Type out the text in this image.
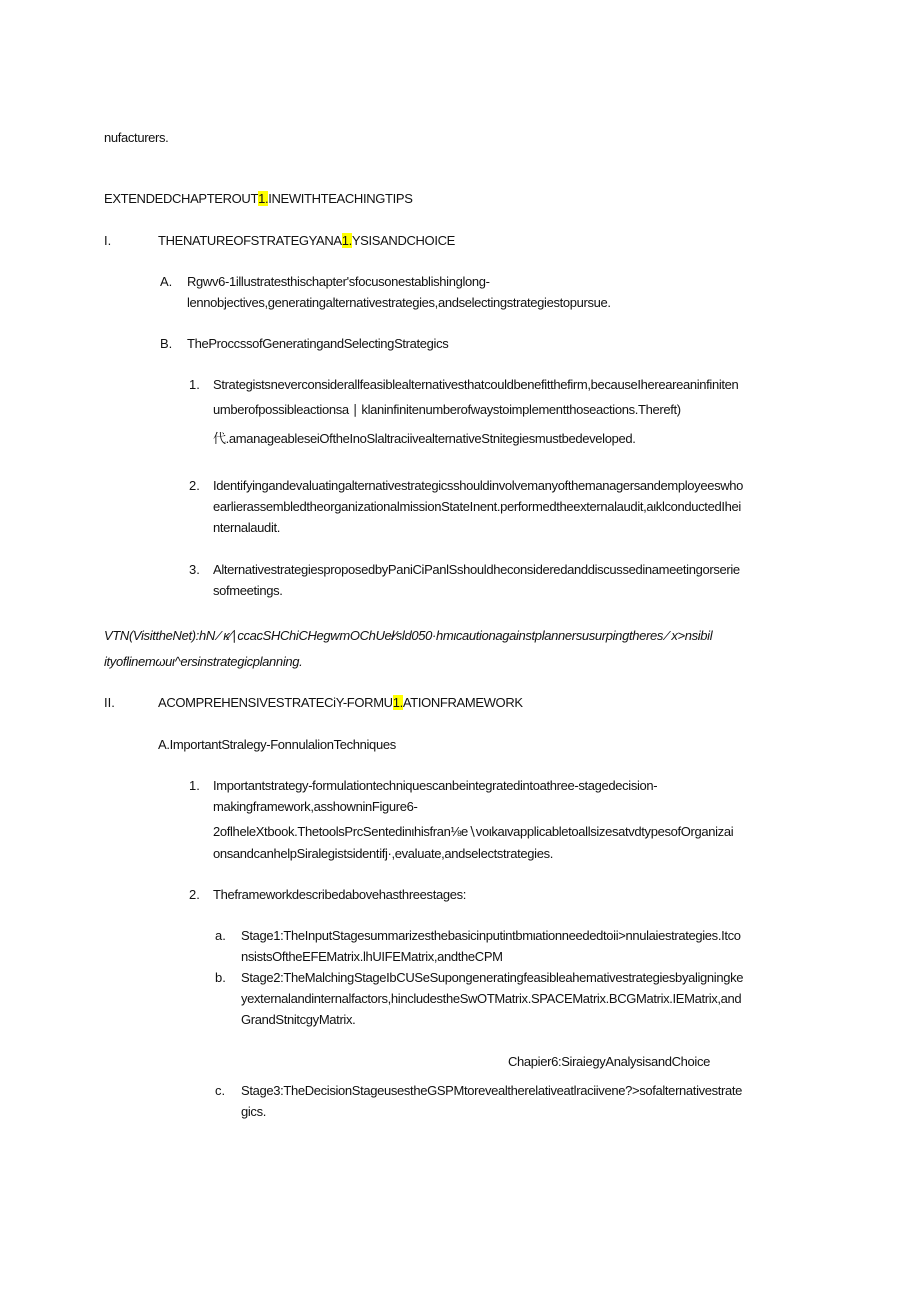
nufacturers.
EXTENDEDCHAPTEROUT1.INEWITHTEACHINGTIPS
I.	THENATUREOFSTRATEGYANA1.YSISANDCHOICE
A. Rgwv6-1illustratesthischapter'sfocusonestablishinglong-
lennobjectives,generatingalternativestrategies,andselectingstrategiestopursue.
B. TheProccssofGeneratingandSelectingStrategics
1. Strategistsneverconsiderallfeasiblealternativesthatcouldbenefitthefirm,becauseIhereareaninfiniten
umberofpossibleactionsa ∣ klaninfinitenumberofwaystoimplementthoseactions.Thereft)
代.amanageableseiOftheInoSlaltraciivealternativeStnitegiesmustbedeveloped.
2. Identifyingandevaluatingalternativestrategicsshouldinvolvemanyofthemanagersandemployeeswho
earlierassembledtheorganizationalmissionStateInent.performedtheexternalaudit,aιklconductedIhei
nternalaudit.
3. AlternativestrategiesproposedbyPaniCiPanlSshouldheconsideredanddiscussedinameetingorserie
sofmeetings.
VTN(VisittheNet):hN ∕ κ∕∣ccacSHChiCHegwmOChUeł∕sld050·hmιcautionagainstplannersusurpingtheres ∕ x>nsibil
ityoflinemωuι^ersinstrategicplanning.
II.	ACOMPREHENSIVESTRATECiY-FORMU1.ATIONFRAMEWORK
A.ImportantStralegy-FonnulalionTechniques
1. Importantstrategy-formulationtechniquescanbeintegratedintoathree-stagedecision-
makingframework,asshowninFigure6-
2oflheleXtbook.ThetoolsPrcSentedinιhisfran⅛e∖voιkaιvapplicabletoallsizesatvdtypesofOrganizai
onsandcanhelpSiralegistsidentifj·,evaluate,andselectstrategies.
2. Theframeworkdescribedabovehasthreestages:
a. Stage1:TheInputStagesummarizesthebasicinputintbmιationneededtoii>nnulaiestrategies.Itco
nsistsOftheEFEMatrix.lhUIFEMatrix,andtheCPM
b. Stage2:TheMalchingStageIbCUSeSupongeneratingfeasibleahemativestrategiesbyaligningke
yexternalandinternalfactors,hincludestheSwOTMatrix.SPACEMatrix.BCGMatrix.IEMatrix,and
GrandStnitcgyMatrix.
Chapier6:SiraiegyAnalysisandChoice
c. Stage3:TheDecisionStageusestheGSPMtorevealtherelativeatlraciivene?>sofalternativestrate
gics.
